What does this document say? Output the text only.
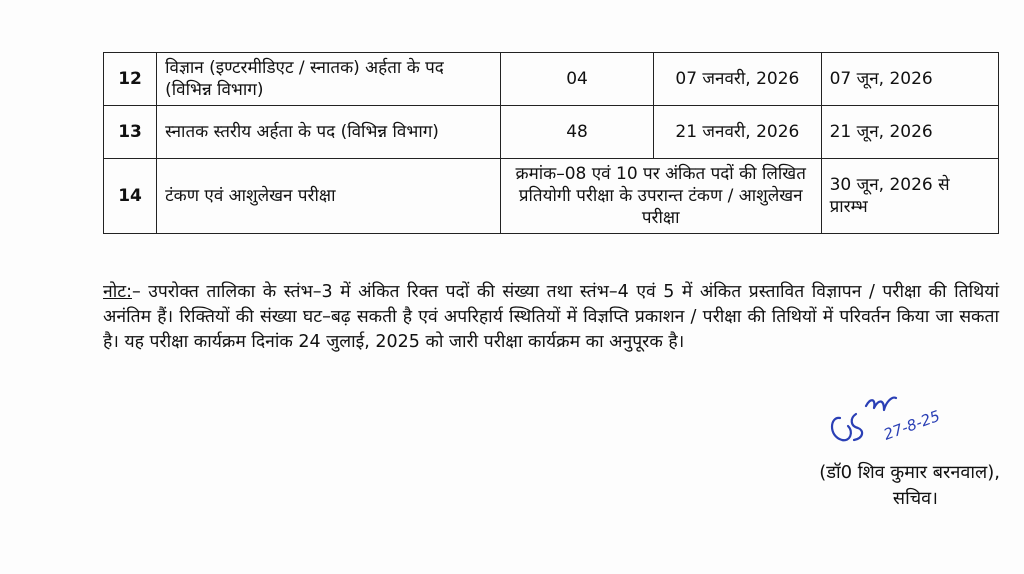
12	विज्ञान (इण्टरमीडिएट / स्नातक) अर्हता के पद (विभिन्न विभाग)	04	07 जनवरी, 2026	07 जून, 2026
13	स्नातक स्तरीय अर्हता के पद (विभिन्न विभाग)	48	21 जनवरी, 2026	21 जून, 2026
14	टंकण एवं आशुलेखन परीक्षा	क्रमांक–08 एवं 10 पर अंकित पदों की लिखित प्रतियोगी परीक्षा के उपरान्त टंकण / आशुलेखन परीक्षा		30 जून, 2026 से प्रारम्भ
नोट:– उपरोक्त तालिका के स्तंभ–3 में अंकित रिक्त पदों की संख्या तथा स्तंभ–4 एवं 5 में अंकित प्रस्तावित विज्ञापन / परीक्षा की तिथियां अनंतिम हैं। रिक्तियों की संख्या घट–बढ़ सकती है एवं अपरिहार्य स्थितियों में विज्ञप्ति प्रकाशन / परीक्षा की तिथियों में परिवर्तन किया जा सकता है। यह परीक्षा कार्यक्रम दिनांक 24 जुलाई, 2025 को जारी परीक्षा कार्यक्रम का अनुपूरक है।
27-8-25
(डॉ0 शिव कुमार बरनवाल),
सचिव।
